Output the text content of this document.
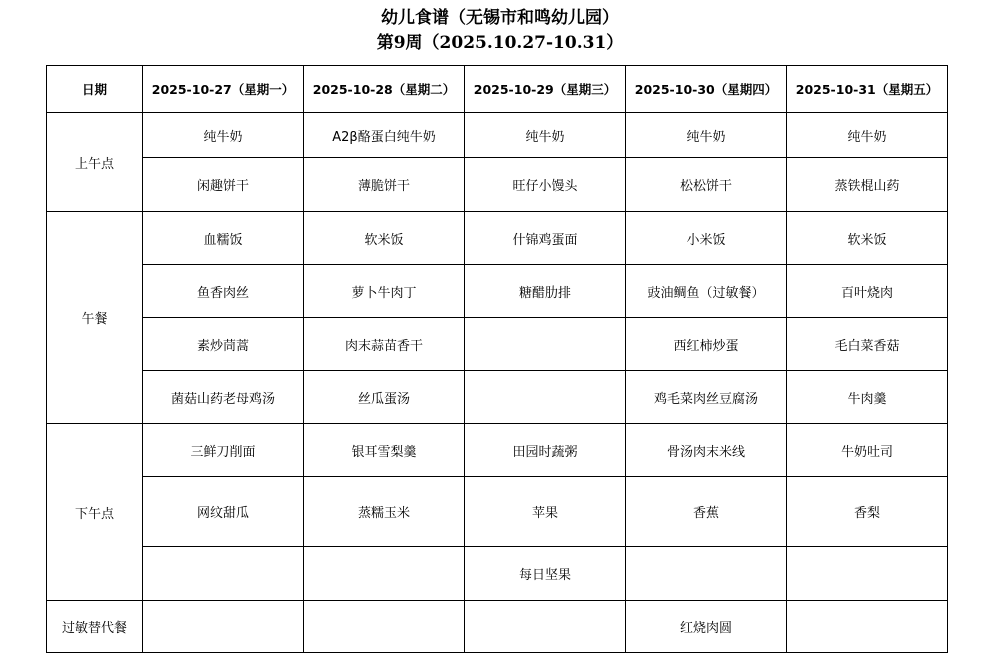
幼儿食谱（无锡市和鸣幼儿园）
第9周（2025.10.27-10.31）
日期	2025-10-27（星期一）	2025-10-28（星期二）	2025-10-29（星期三）	2025-10-30（星期四）	2025-10-31（星期五）
上午点	纯牛奶	A2β酪蛋白纯牛奶	纯牛奶	纯牛奶	纯牛奶
	闲趣饼干	薄脆饼干	旺仔小馒头	松松饼干	蒸铁棍山药
午餐	血糯饭	软米饭	什锦鸡蛋面	小米饭	软米饭
	鱼香肉丝	萝卜牛肉丁	糖醋肋排	豉油鲷鱼（过敏餐）	百叶烧肉
	素炒茼蒿	肉末蒜苗香干		西红柿炒蛋	毛白菜香菇
	菌菇山药老母鸡汤	丝瓜蛋汤		鸡毛菜肉丝豆腐汤	牛肉羹
下午点	三鲜刀削面	银耳雪梨羹	田园时蔬粥	骨汤肉末米线	牛奶吐司
	网纹甜瓜	蒸糯玉米	苹果	香蕉	香梨
			每日坚果		
过敏替代餐				红烧肉圆	
